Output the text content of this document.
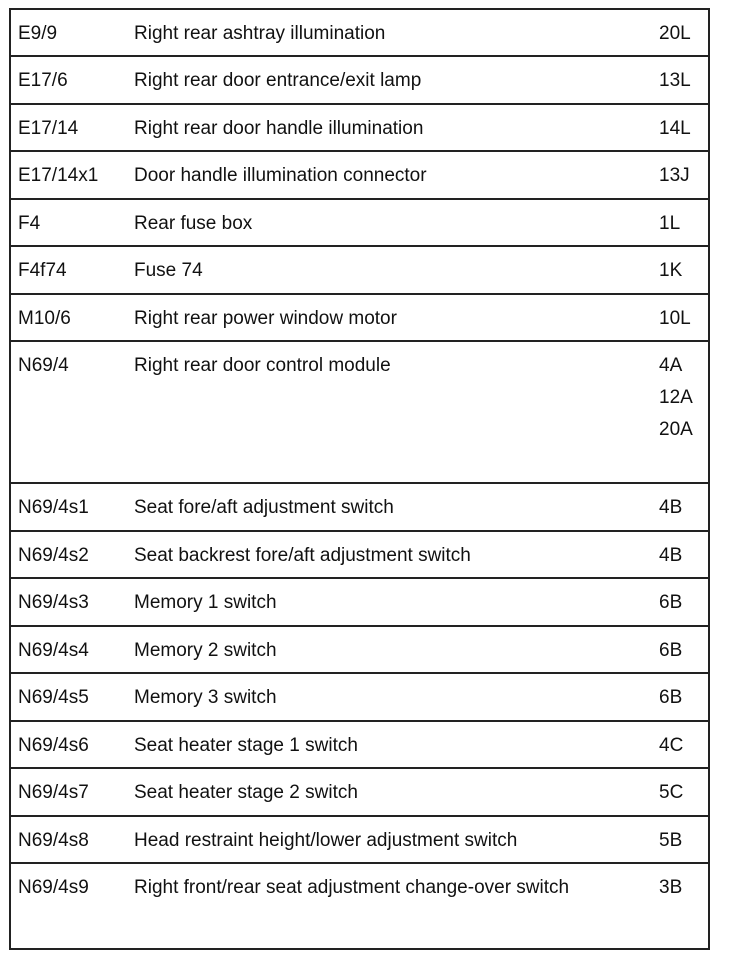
E9/9	Right rear ashtray illumination	20L
E17/6	Right rear door entrance/exit lamp	13L
E17/14	Right rear door handle illumination	14L
E17/14x1 Door handle illumination connector	13J
F4	Rear fuse box	1L
F4f74	Fuse 74	1K
M10/6	Right rear power window motor	10L
N69/4	Right rear door control module	4A
12A
20A
N69/4s1 Seat fore/aft adjustment switch	4B
N69/4s2 Seat backrest fore/aft adjustment switch	4B
N69/4s3 Memory 1 switch	6B
N69/4s4 Memory 2 switch	6B
N69/4s5 Memory 3 switch	6B
N69/4s6 Seat heater stage 1 switch	4C
N69/4s7 Seat heater stage 2 switch	5C
N69/4s8 Head restraint height/lower adjustment switch	5B
N69/4s9 Right front/rear seat adjustment change-over switch	3B
